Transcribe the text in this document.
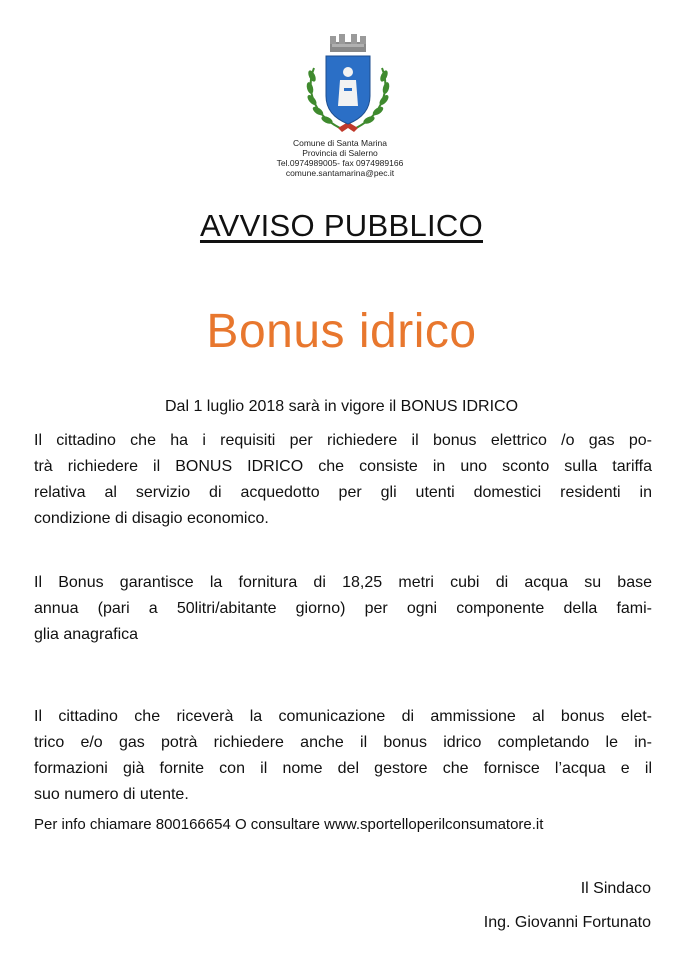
Comune di Santa Marina
Provincia di Salerno
Tel.0974989005- fax 0974989166
comune.santamarina@pec.it
AVVISO PUBBLICO
Bonus idrico
Dal 1 luglio 2018 sarà in vigore il BONUS IDRICO
Il cittadino che ha i requisiti per richiedere il bonus elettrico /o gas po-
trà richiedere il BONUS IDRICO che consiste in uno sconto sulla tariffa
relativa al servizio di acquedotto per gli utenti domestici residenti in
condizione di disagio economico.
Il Bonus garantisce la fornitura di 18,25 metri cubi di acqua su base
annua (pari a 50litri/abitante giorno) per ogni componente della fami-
glia anagrafica
Il cittadino che riceverà la comunicazione di ammissione al bonus elet-
trico e/o gas potrà richiedere anche il bonus idrico completando le in-
formazioni già fornite con il nome del gestore che fornisce l’acqua e il
suo numero di utente.
Per info chiamare 800166654 O consultare www.sportelloperilconsumatore.it
Il Sindaco
Ing. Giovanni Fortunato
